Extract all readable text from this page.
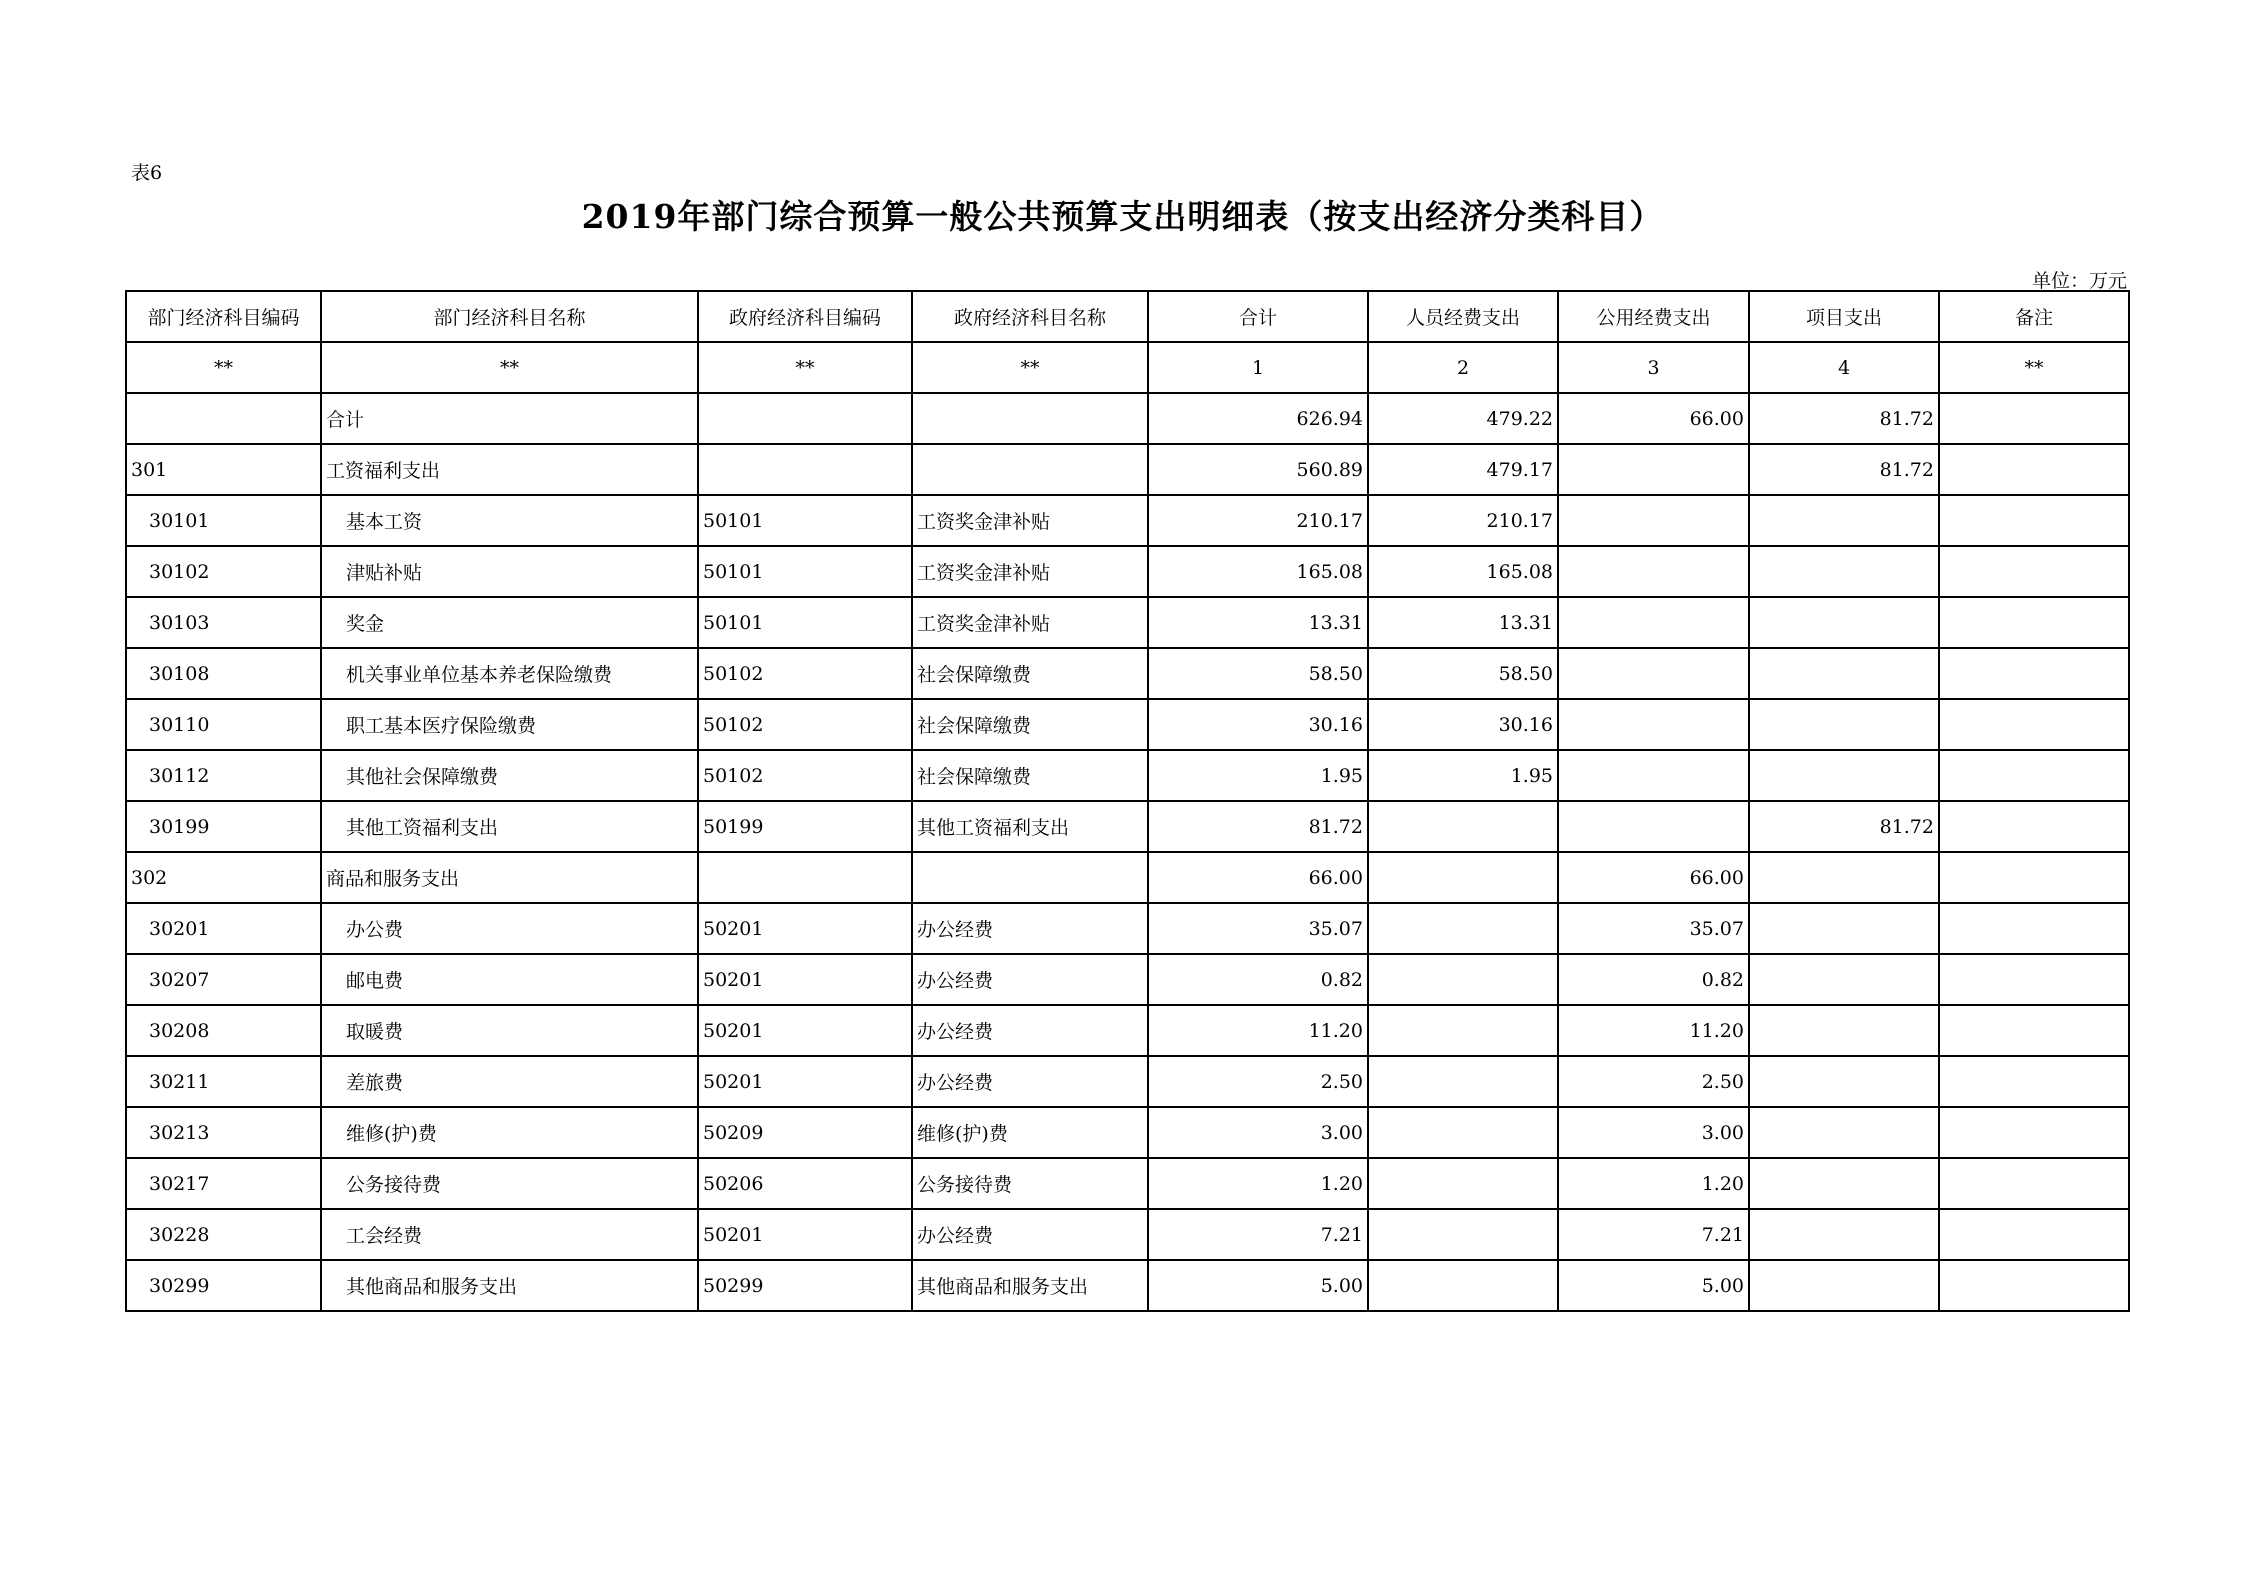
表6
2019年部门综合预算一般公共预算支出明细表（按支出经济分类科目）
单位：万元
部门经济科目编码	部门经济科目名称	政府经济科目编码	政府经济科目名称	合计	人员经费支出	公用经费支出	项目支出	备注
**	**	**	**	1	2	3	4	**
	合计			626.94	479.22	66.00	81.72	
301	工资福利支出			560.89	479.17		81.72	
30101	基本工资	50101	工资奖金津补贴	210.17	210.17			
30102	津贴补贴	50101	工资奖金津补贴	165.08	165.08			
30103	奖金	50101	工资奖金津补贴	13.31	13.31			
30108	机关事业单位基本养老保险缴费	50102	社会保障缴费	58.50	58.50			
30110	职工基本医疗保险缴费	50102	社会保障缴费	30.16	30.16			
30112	其他社会保障缴费	50102	社会保障缴费	1.95	1.95			
30199	其他工资福利支出	50199	其他工资福利支出	81.72			81.72	
302	商品和服务支出			66.00		66.00		
30201	办公费	50201	办公经费	35.07		35.07		
30207	邮电费	50201	办公经费	0.82		0.82		
30208	取暖费	50201	办公经费	11.20		11.20		
30211	差旅费	50201	办公经费	2.50		2.50		
30213	维修(护)费	50209	维修(护)费	3.00		3.00		
30217	公务接待费	50206	公务接待费	1.20		1.20		
30228	工会经费	50201	办公经费	7.21		7.21		
30299	其他商品和服务支出	50299	其他商品和服务支出	5.00		5.00		
